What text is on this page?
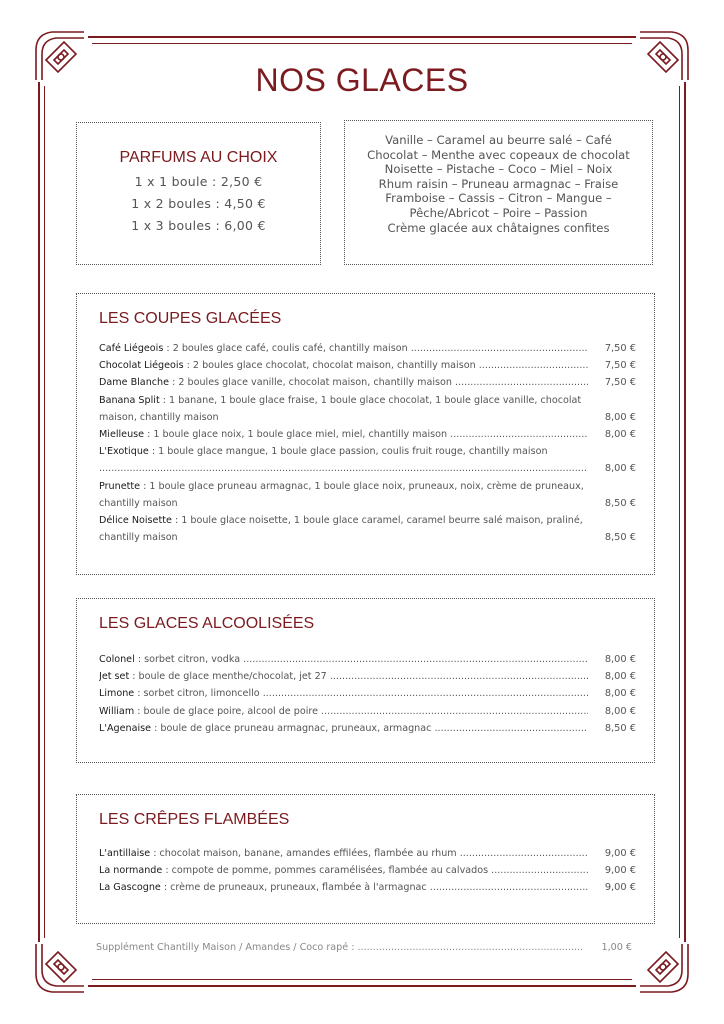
NOS GLACES
PARFUMS AU CHOIX
1 x 1 boule : 2,50 €
1 x 2 boules : 4,50 €
1 x 3 boules : 6,00 €
Vanille – Caramel au beurre salé – Café
Chocolat – Menthe avec copeaux de chocolat
Noisette – Pistache – Coco – Miel – Noix
Rhum raisin – Pruneau armagnac – Fraise
Framboise – Cassis – Citron – Mangue –
Pêche/Abricot – Poire – Passion
Crème glacée aux châtaignes confites
LES COUPES GLACÉES
Café Liégeois : 2 boules glace café, coulis café, chantilly maison .....	7,50 €
Chocolat Liégeois : 2 boules glace chocolat, chocolat maison, chantilly maison .....	7,50 €
Dame Blanche : 2 boules glace vanille, chocolat maison, chantilly maison .....	7,50 €
Banana Split : 1 banane, 1 boule glace fraise, 1 boule glace chocolat, 1 boule glace vanille, chocolat maison, chantilly maison .....	8,00 €
Mielleuse : 1 boule glace noix, 1 boule glace miel, miel, chantilly maison .....	8,00 €
L'Exotique : 1 boule glace mangue, 1 boule glace passion, coulis fruit rouge, chantilly maison .....
8,00 €
Prunette : 1 boule glace pruneau armagnac, 1 boule glace noix, pruneaux, noix, crème de pruneaux, chantilly maison .....	8,50 €
Délice Noisette : 1 boule glace noisette, 1 boule glace caramel, caramel beurre salé maison, praliné, chantilly maison .....	8,50 €
LES GLACES ALCOOLISÉES
Colonel : sorbet citron, vodka .....	8,00 €
Jet set : boule de glace menthe/chocolat, jet 27 .....	8,00 €
Limone : sorbet citron, limoncello .....	8,00 €
William : boule de glace poire, alcool de poire .....	8,00 €
L'Agenaise : boule de glace pruneau armagnac, pruneaux, armagnac .....	8,50 €
LES CRÊPES FLAMBÉES
L'antillaise : chocolat maison, banane, amandes effilées, flambée au rhum .....	9,00 €
La normande : compote de pomme, pommes caramélisées, flambée au calvados .....	9,00 €
La Gascogne : crème de pruneaux, pruneaux, flambée à l'armagnac .....	9,00 €
Supplément Chantilly Maison / Amandes / Coco rapé : .....	1,00 €
